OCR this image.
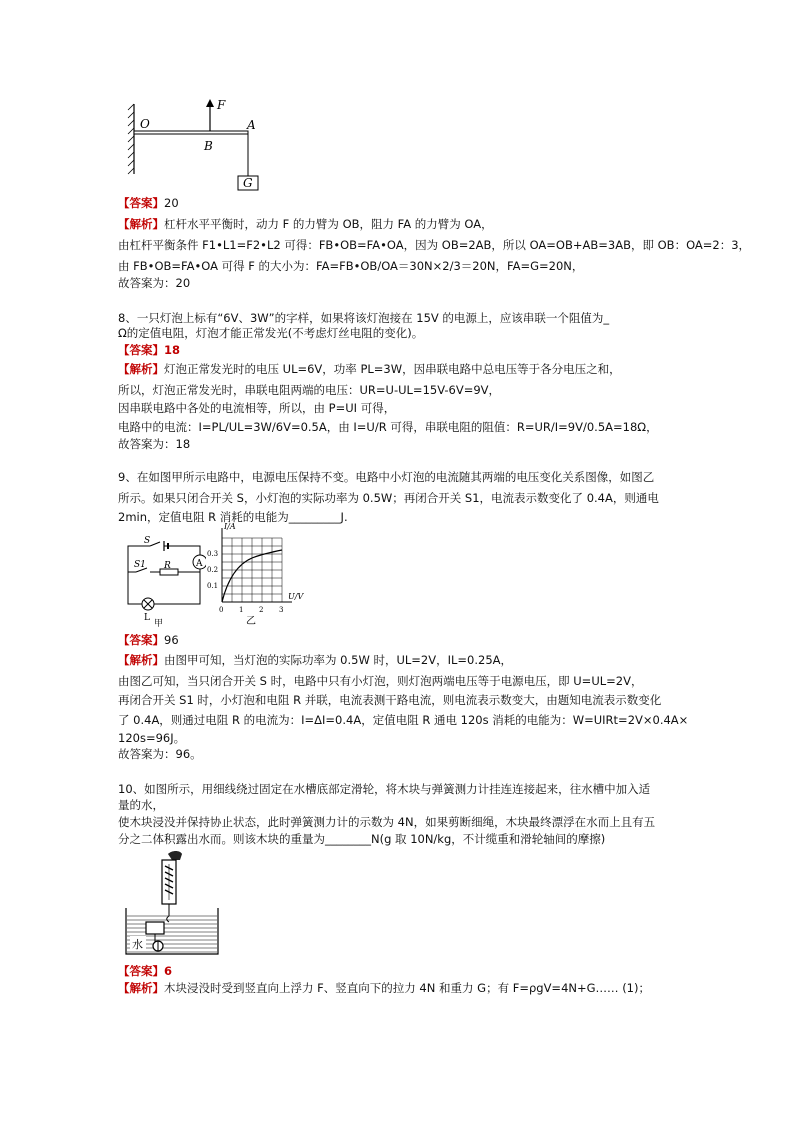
F
O	A
B
G
【答案】20
【解析】杠杆水平平衡时，动力 F 的力臂为 OB，阻力 FA 的力臂为 OA，
由杠杆平衡条件 F1•L1=F2•L2 可得：FB•OB=FA•OA，因为 OB=2AB，所以 OA=OB+AB=3AB，即 OB：OA=2：3，
由 FB•OB=FA•OA 可得 F 的大小为：FA=FB•OB/OA＝30N×2/3＝20N，FA=G=20N，
故答案为：20
8、一只灯泡上标有“6V、3W”的字样，如果将该灯泡接在 15V 的电源上，应该串联一个阻值为_
Ω的定值电阻，灯泡才能正常发光(不考虑灯丝电阻的变化)。
【答案】18
【解析】灯泡正常发光时的电压 UL=6V，功率 PL=3W，因串联电路中总电压等于各分电压之和，
所以，灯泡正常发光时，串联电阻两端的电压：UR=U-UL=15V-6V=9V，
因串联电路中各处的电流相等，所以，由 P=UI 可得，
电路中的电流：I=PL/UL=3W/6V=0.5A，由 I=U/R 可得，串联电阻的阻值：R=UR/I=9V/0.5A=18Ω，
故答案为：18
9、在如图甲所示电路中，电源电压保持不变。电路中小灯泡的电流随其两端的电压变化关系图像，如图乙
所示。如果只闭合开关 S，小灯泡的实际功率为 0.5W；再闭合开关 S1，电流表示数变化了 0.4A，则通电
2min，定值电阻 R 消耗的电能为_________J.
A
S
S1 R
L
甲
I/A
U/V
0.3
0.2
0.1
0 1 2 3
乙
【答案】96
【解析】由图甲可知，当灯泡的实际功率为 0.5W 时，UL=2V，IL=0.25A，
由图乙可知，当只闭合开关 S 时，电路中只有小灯泡，则灯泡两端电压等于电源电压，即 U=UL=2V，
再闭合开关 S1 时，小灯泡和电阻 R 并联，电流表测干路电流，则电流表示数变大，由题知电流表示数变化
了 0.4A，则通过电阻 R 的电流为：I=ΔI=0.4A，定值电阻 R 通电 120s 消耗的电能为：W=UIRt=2V×0.4A×
120s=96J。
故答案为：96。
10、如图所示，用细线绕过固定在水槽底部定滑轮，将木块与弹簧测力计挂连连接起来，往水槽中加入适
量的水，
使木块浸没并保持协止状态，此时弹簧测力计的示数为 4N，如果剪断细绳，木块最终漂浮在水而上且有五
分之二体积露出水而。则该木块的重量为________N(g 取 10N/kg，不计缆重和滑轮轴间的摩擦)
水
【答案】6
【解析】木块浸没时受到竖直向上浮力 F、竖直向下的拉力 4N 和重力 G；有 F=ρgV=4N+G…… (1)；
